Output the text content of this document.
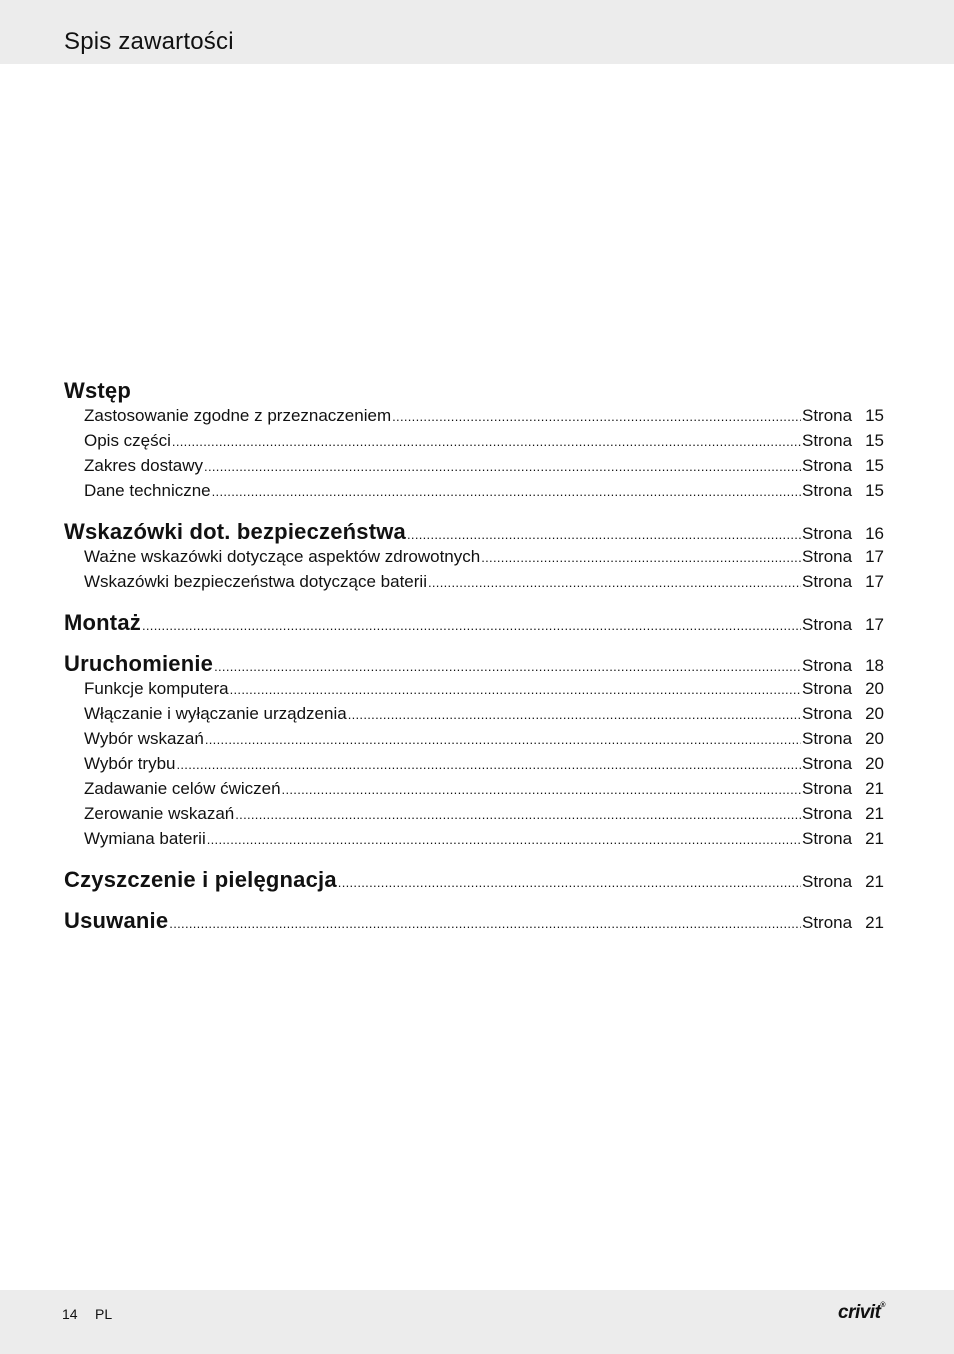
Spis zawartości
Wstęp
Zastosowanie zgodne z przeznaczeniem .....	Strona 15
Opis części .....	Strona 15
Zakres dostawy .....	Strona 15
Dane techniczne .....	Strona 15
Wskazówki dot. bezpieczeństwa .....	Strona 16
Ważne wskazówki dotyczące aspektów zdrowotnych .....	Strona 17
Wskazówki bezpieczeństwa dotyczące baterii .....	Strona 17
Montaż .....	Strona 17
Uruchomienie .....	Strona 18
Funkcje komputera .....	Strona 20
Włączanie i wyłączanie urządzenia .....	Strona 20
Wybór wskazań .....	Strona 20
Wybór trybu .....	Strona 20
Zadawanie celów ćwiczeń .....	Strona 21
Zerowanie wskazań .....	Strona 21
Wymiana baterii .....	Strona 21
Czyszczenie i pielęgnacja .....	Strona 21
Usuwanie .....	Strona 21
14 PL	crivit®
